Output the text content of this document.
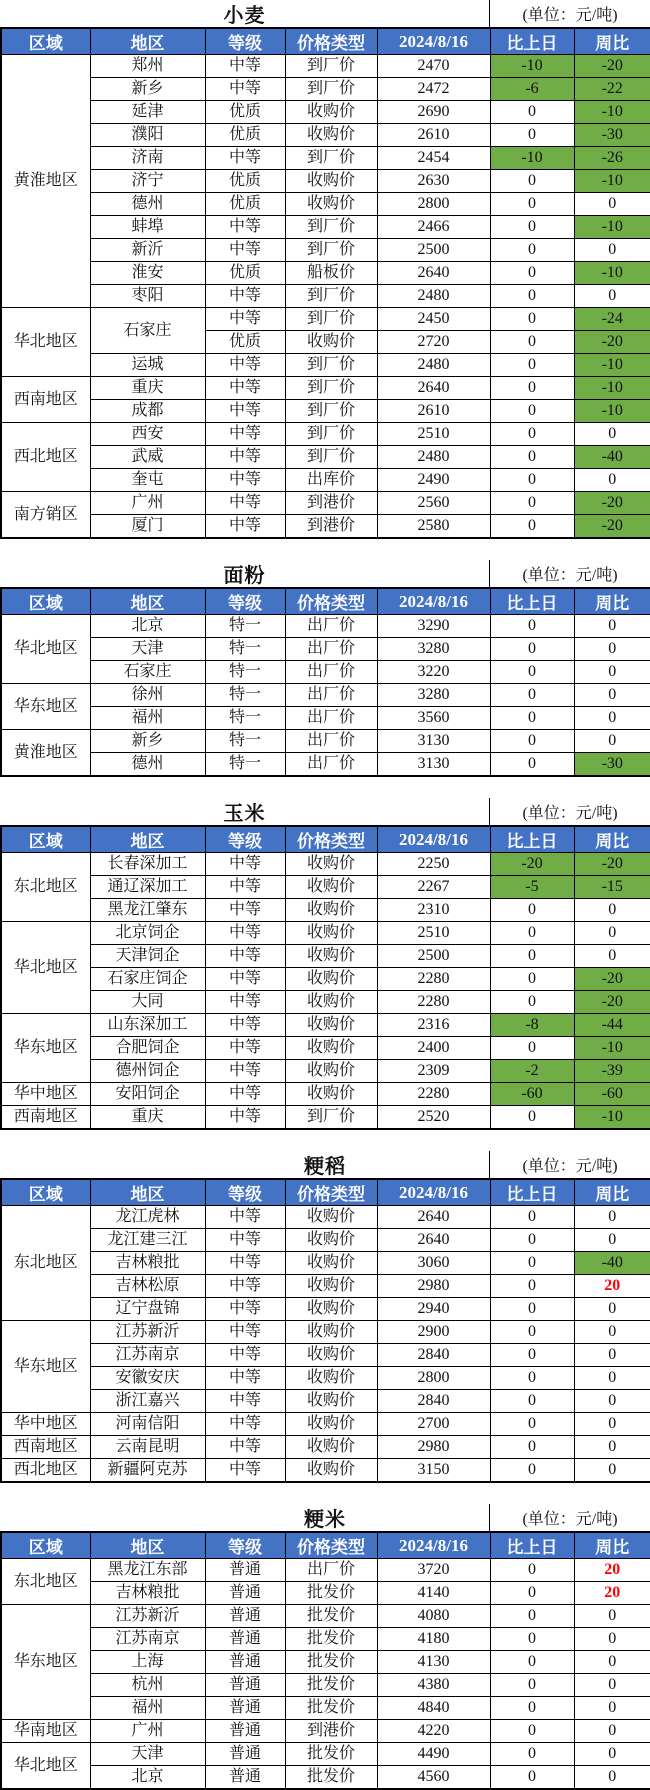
小麦	(单位：元/吨)
区域	地区	等级	价格类型	2024/8/16	比上日	周比
黄淮地区	郑州	中等	到厂价	2470	-10	-20
	新乡	中等	到厂价	2472	-6	-22
	延津	优质	收购价	2690	0	-10
	濮阳	优质	收购价	2610	0	-30
	济南	中等	到厂价	2454	-10	-26
	济宁	优质	收购价	2630	0	-10
	德州	优质	收购价	2800	0	0
	蚌埠	中等	到厂价	2466	0	-10
	新沂	中等	到厂价	2500	0	0
	淮安	优质	船板价	2640	0	-10
	枣阳	中等	到厂价	2480	0	0
华北地区	石家庄	中等	到厂价	2450	0	-24
		优质	收购价	2720	0	-20
	运城	中等	到厂价	2480	0	-10
西南地区	重庆	中等	到厂价	2640	0	-10
	成都	中等	到厂价	2610	0	-10
西北地区	西安	中等	到厂价	2510	0	0
	武威	中等	到厂价	2480	0	-40
	奎屯	中等	出库价	2490	0	0
南方销区	广州	中等	到港价	2560	0	-20
	厦门	中等	到港价	2580	0	-20
面粉	(单位：元/吨)
区域	地区	等级	价格类型	2024/8/16	比上日	周比
华北地区	北京	特一	出厂价	3290	0	0
	天津	特一	出厂价	3280	0	0
	石家庄	特一	出厂价	3220	0	0
华东地区	徐州	特一	出厂价	3280	0	0
	福州	特一	出厂价	3560	0	0
黄淮地区	新乡	特一	出厂价	3130	0	0
	德州	特一	出厂价	3130	0	-30
玉米	(单位：元/吨)
区域	地区	等级	价格类型	2024/8/16	比上日	周比
东北地区	长春深加工	中等	收购价	2250	-20	-20
	通辽深加工	中等	收购价	2267	-5	-15
	黑龙江肇东	中等	收购价	2310	0	0
华北地区	北京饲企	中等	收购价	2510	0	0
	天津饲企	中等	收购价	2500	0	0
	石家庄饲企	中等	收购价	2280	0	-20
	大同	中等	收购价	2280	0	-20
华东地区	山东深加工	中等	收购价	2316	-8	-44
	合肥饲企	中等	收购价	2400	0	-10
	德州饲企	中等	收购价	2309	-2	-39
华中地区	安阳饲企	中等	收购价	2280	-60	-60
西南地区	重庆	中等	到厂价	2520	0	-10
粳稻	(单位：元/吨)
区域	地区	等级	价格类型	2024/8/16	比上日	周比
东北地区	龙江虎林	中等	收购价	2640	0	0
	龙江建三江	中等	收购价	2640	0	0
	吉林粮批	中等	收购价	3060	0	-40
	吉林松原	中等	收购价	2980	0	20
	辽宁盘锦	中等	收购价	2940	0	0
华东地区	江苏新沂	中等	收购价	2900	0	0
	江苏南京	中等	收购价	2840	0	0
	安徽安庆	中等	收购价	2800	0	0
	浙江嘉兴	中等	收购价	2840	0	0
华中地区	河南信阳	中等	收购价	2700	0	0
西南地区	云南昆明	中等	收购价	2980	0	0
西北地区	新疆阿克苏	中等	收购价	3150	0	0
粳米	(单位：元/吨)
区域	地区	等级	价格类型	2024/8/16	比上日	周比
东北地区	黑龙江东部	普通	出厂价	3720	0	20
	吉林粮批	普通	批发价	4140	0	20
华东地区	江苏新沂	普通	批发价	4080	0	0
	江苏南京	普通	批发价	4180	0	0
	上海	普通	批发价	4130	0	0
	杭州	普通	批发价	4380	0	0
	福州	普通	批发价	4840	0	0
华南地区	广州	普通	到港价	4220	0	0
华北地区	天津	普通	批发价	4490	0	0
	北京	普通	批发价	4560	0	0
